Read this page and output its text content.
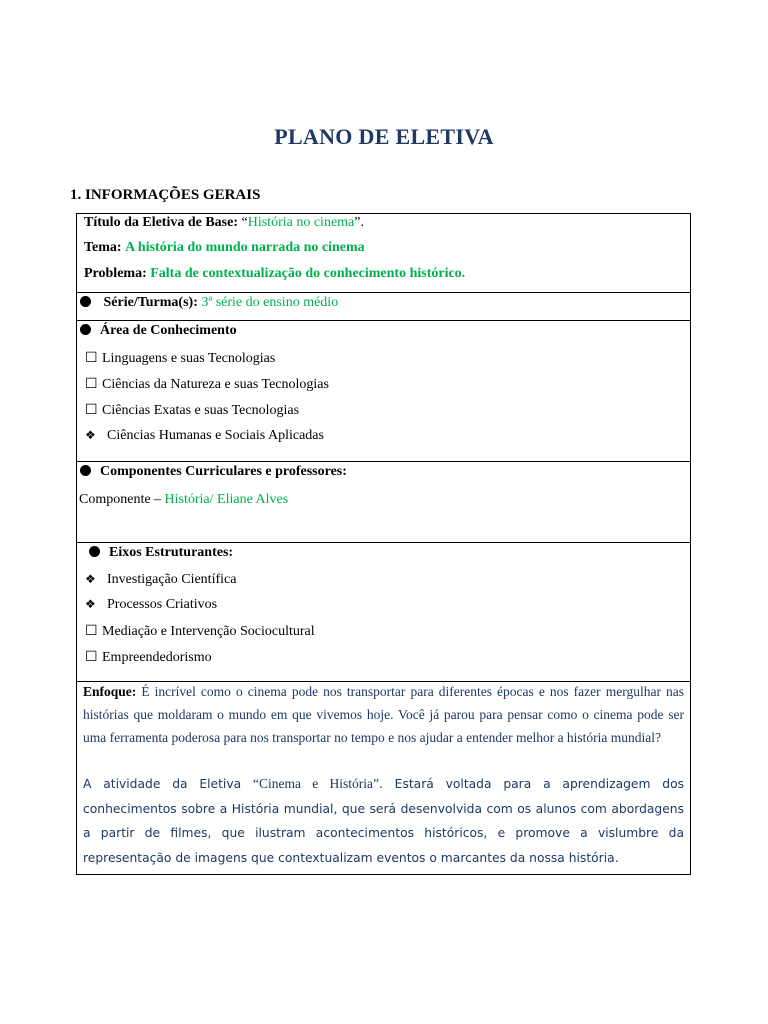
PLANO DE ELETIVA
1. INFORMAÇÕES GERAIS
Título da Eletiva de Base: “História no cinema”.
Tema: A história do mundo narrada no cinema
Problema: Falta de contextualização do conhecimento histórico.
Série/Turma(s): 3ª série do ensino médio
Área de Conhecimento
☐ Linguagens e suas Tecnologias
☐ Ciências da Natureza e suas Tecnologias
☐ Ciências Exatas e suas Tecnologias
❖ Ciências Humanas e Sociais Aplicadas
Componentes Curriculares e professores:
Componente – História/ Eliane Alves
Eixos Estruturantes:
❖ Investigação Científica
❖ Processos Criativos
☐ Mediação e Intervenção Sociocultural
☐ Empreendedorismo
Enfoque: É incrível como o cinema pode nos transportar para diferentes épocas e nos fazer mergulhar nas histórias que moldaram o mundo em que vivemos hoje. Você já parou para pensar como o cinema pode ser uma ferramenta poderosa para nos transportar no tempo e nos ajudar a entender melhor a história mundial?
A atividade da Eletiva “Cinema e História”. Estará voltada para a aprendizagem dos conhecimentos sobre a História mundial, que será desenvolvida com os alunos com abordagens a partir de filmes, que ilustram acontecimentos históricos, e promove a vislumbre da representação de imagens que contextualizam eventos o marcantes da nossa história.
